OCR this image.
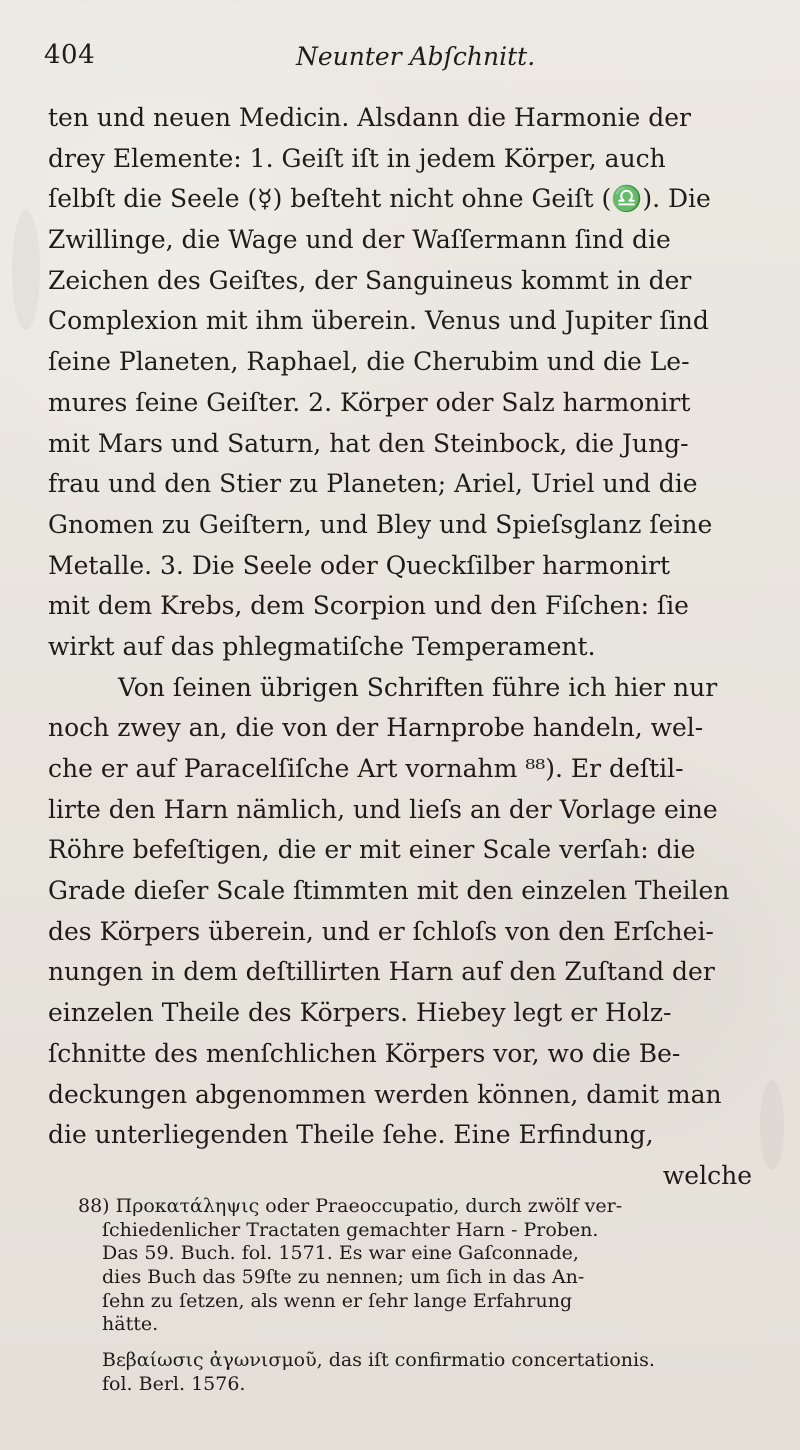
404	Neunter Abſchnitt.
ten und neuen Medicin. Alsdann die Harmonie der
drey Elemente: 1. Geiſt iſt in jedem Körper, auch
ſelbſt die Seele (☿) beſteht nicht ohne Geiſt (♎). Die
Zwillinge, die Wage und der Waſſermann ſind die
Zeichen des Geiſtes, der Sanguineus kommt in der
Complexion mit ihm überein. Venus und Jupiter ſind
ſeine Planeten, Raphael, die Cherubim und die Le-
mures ſeine Geiſter. 2. Körper oder Salz harmonirt
mit Mars und Saturn, hat den Steinbock, die Jung-
frau und den Stier zu Planeten; Ariel, Uriel und die
Gnomen zu Geiſtern, und Bley und Spieſsglanz ſeine
Metalle. 3. Die Seele oder Queckſilber harmonirt
mit dem Krebs, dem Scorpion und den Fiſchen: ſie
wirkt auf das phlegmatiſche Temperament.
Von ſeinen übrigen Schriften führe ich hier nur
noch zwey an, die von der Harnprobe handeln, wel-
che er auf Paracelſiſche Art vornahm ⁸⁸). Er deſtil-
lirte den Harn nämlich, und lieſs an der Vorlage eine
Röhre befeſtigen, die er mit einer Scale verſah: die
Grade dieſer Scale ſtimmten mit den einzelen Theilen
des Körpers überein, und er ſchloſs von den Erſchei-
nungen in dem deſtillirten Harn auf den Zuſtand der
einzelen Theile des Körpers. Hiebey legt er Holz-
ſchnitte des menſchlichen Körpers vor, wo die Be-
deckungen abgenommen werden können, damit man
die unterliegenden Theile ſehe. Eine Erfindung,
welche
88) Προκατάληψις oder Praeoccupatio, durch zwölf ver-
ſchiedenlicher Tractaten gemachter Harn - Proben.
Das 59. Buch. fol. 1571. Es war eine Gaſconnade,
dies Buch das 59ſte zu nennen; um ſich in das An-
ſehn zu ſetzen, als wenn er ſehr lange Erfahrung
hätte.
Βεβαίωσις ἀγωνισμοῦ, das iſt confirmatio concertationis.
fol. Berl. 1576.
